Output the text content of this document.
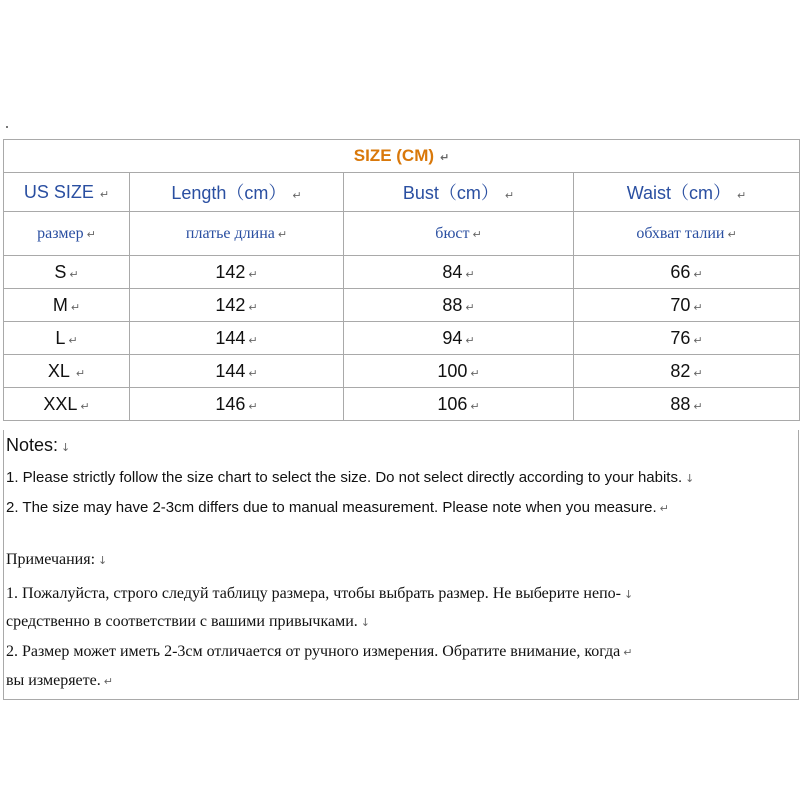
SIZE (CM) ↵			
US SIZE ↵	Length（cm） ↵	Bust（cm） ↵	Waist（cm） ↵
размер ↵	платье длина ↵	бюст ↵	обхват талии ↵
S ↵	142 ↵	84 ↵	66 ↵
M ↵	142 ↵	88 ↵	70 ↵
L ↵	144 ↵	94 ↵	76 ↵
XL ↵	144 ↵	100 ↵	82 ↵
XXL ↵	146 ↵	106 ↵	88 ↵
Notes: ↓
1. Please strictly follow the size chart to select the size. Do not select directly according to your habits. ↓
2. The size may have 2-3cm differs due to manual measurement. Please note when you measure. ↵
Примечания: ↓
1. Пожалуйста, строго следуй таблицу размера, чтобы выбрать размер. Не выберите непо- ↓
средственно в соответствии с вашими привычками. ↓
2. Размер может иметь 2-3см отличается от ручного измерения. Обратите внимание, когда ↵
вы измеряете. ↵
